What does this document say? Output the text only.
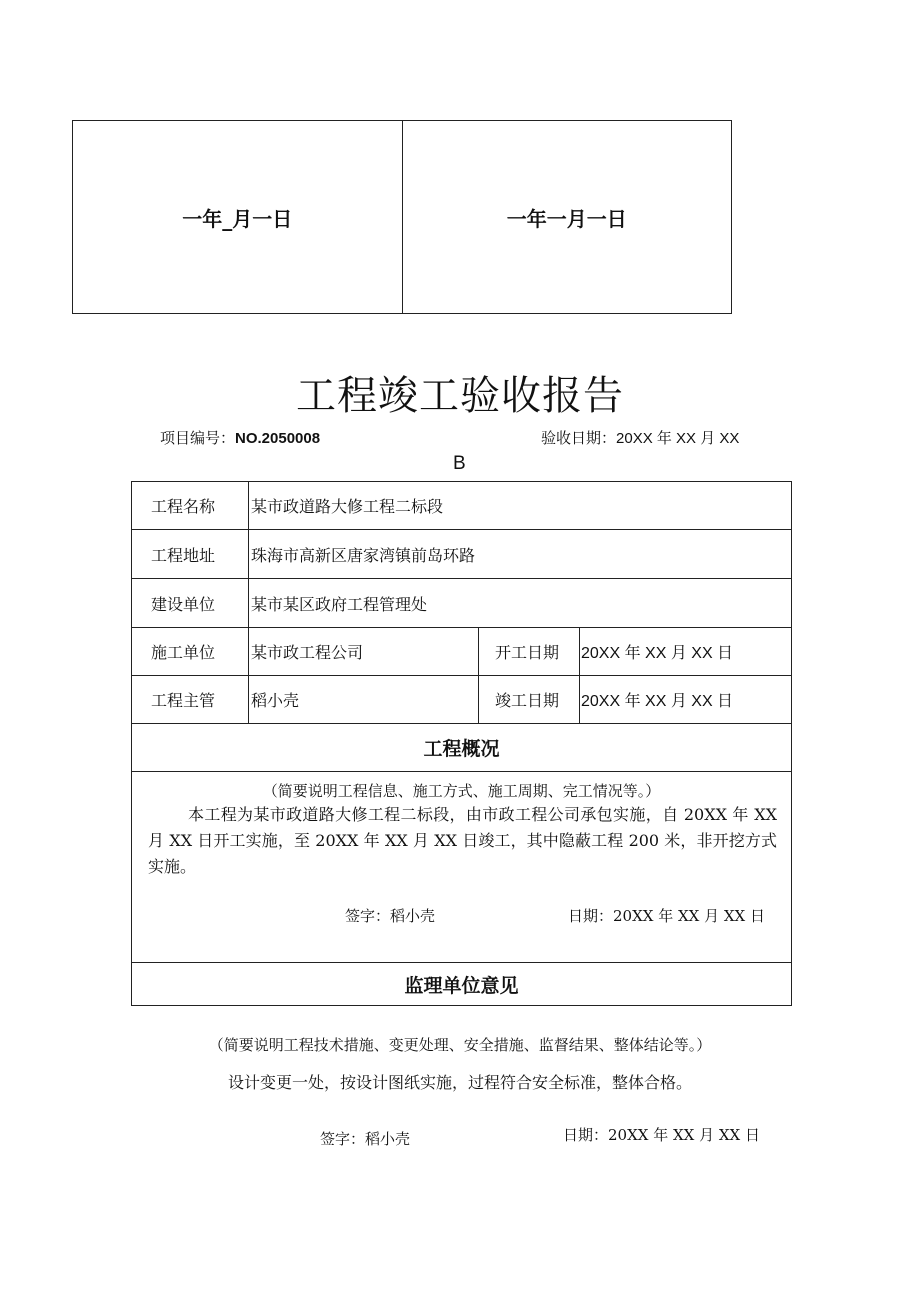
一年_月一日	一年一月一日
工程竣工验收报告
项目编号：NO.2050008	验收日期：20XX 年 XX 月 XX
B
工程名称	某市政道路大修工程二标段
工程地址	珠海市高新区唐家湾镇前岛环路
建设单位	某市某区政府工程管理处
施工单位	某市政工程公司	开工日期	20XX 年 XX 月 XX 日
工程主管	稻小壳	竣工日期	20XX 年 XX 月 XX 日
工程概况
（简要说明工程信息、施工方式、施工周期、完工情况等。）
本工程为某市政道路大修工程二标段，由市政工程公司承包实施，自 20XX 年 XX 月 XX 日开工实施，至 20XX 年 XX 月 XX 日竣工，其中隐蔽工程 200 米，非开挖方式实施。
签字：稻小壳	日期：20XX 年 XX 月 XX 日
监理单位意见
（简要说明工程技术措施、变更处理、安全措施、监督结果、整体结论等。）
设计变更一处，按设计图纸实施，过程符合安全标准，整体合格。
签字：稻小壳	日期：20XX 年 XX 月 XX 日
